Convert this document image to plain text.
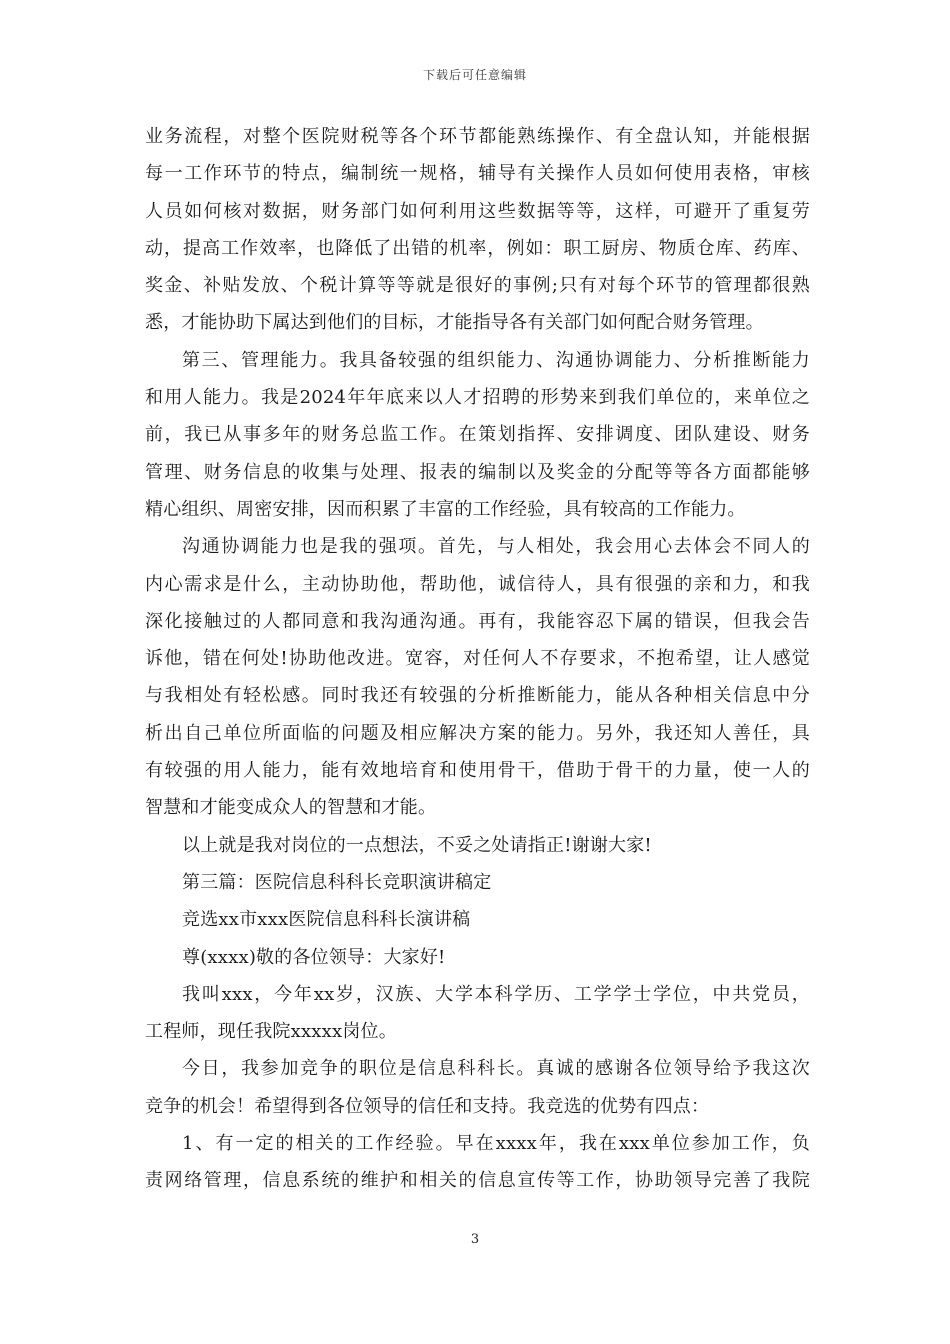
下载后可任意编辑
业务流程，对整个医院财税等各个环节都能熟练操作、有全盘认知，并能根据
每一工作环节的特点，编制统一规格，辅导有关操作人员如何使用表格，审核
人员如何核对数据，财务部门如何利用这些数据等等，这样，可避开了重复劳
动，提高工作效率，也降低了出错的机率，例如：职工厨房、物质仓库、药库、
奖金、补贴发放、个税计算等等就是很好的事例;只有对每个环节的管理都很熟
悉，才能协助下属达到他们的目标，才能指导各有关部门如何配合财务管理。
第三、管理能力。我具备较强的组织能力、沟通协调能力、分析推断能力
和用人能力。我是2024年年底来以人才招聘的形势来到我们单位的，来单位之
前，我已从事多年的财务总监工作。在策划指挥、安排调度、团队建设、财务
管理、财务信息的收集与处理、报表的编制以及奖金的分配等等各方面都能够
精心组织、周密安排，因而积累了丰富的工作经验，具有较高的工作能力。
沟通协调能力也是我的强项。首先，与人相处，我会用心去体会不同人的
内心需求是什么，主动协助他，帮助他，诚信待人，具有很强的亲和力，和我
深化接触过的人都同意和我沟通沟通。再有，我能容忍下属的错误，但我会告
诉他，错在何处!协助他改进。宽容，对任何人不存要求，不抱希望，让人感觉
与我相处有轻松感。同时我还有较强的分析推断能力，能从各种相关信息中分
析出自己单位所面临的问题及相应解决方案的能力。另外，我还知人善任，具
有较强的用人能力，能有效地培育和使用骨干，借助于骨干的力量，使一人的
智慧和才能变成众人的智慧和才能。
以上就是我对岗位的一点想法，不妥之处请指正!谢谢大家!
第三篇：医院信息科科长竞职演讲稿定
竞选xx市xxx医院信息科科长演讲稿
尊(xxxx)敬的各位领导：大家好!
我叫xxx，今年xx岁，汉族、大学本科学历、工学学士学位，中共党员，
工程师，现任我院xxxxx岗位。
今日，我参加竞争的职位是信息科科长。真诚的感谢各位领导给予我这次
竞争的机会！希望得到各位领导的信任和支持。我竞选的优势有四点：
1、有一定的相关的工作经验。早在xxxx年，我在xxx单位参加工作，负
责网络管理，信息系统的维护和相关的信息宣传等工作，协助领导完善了我院
3
